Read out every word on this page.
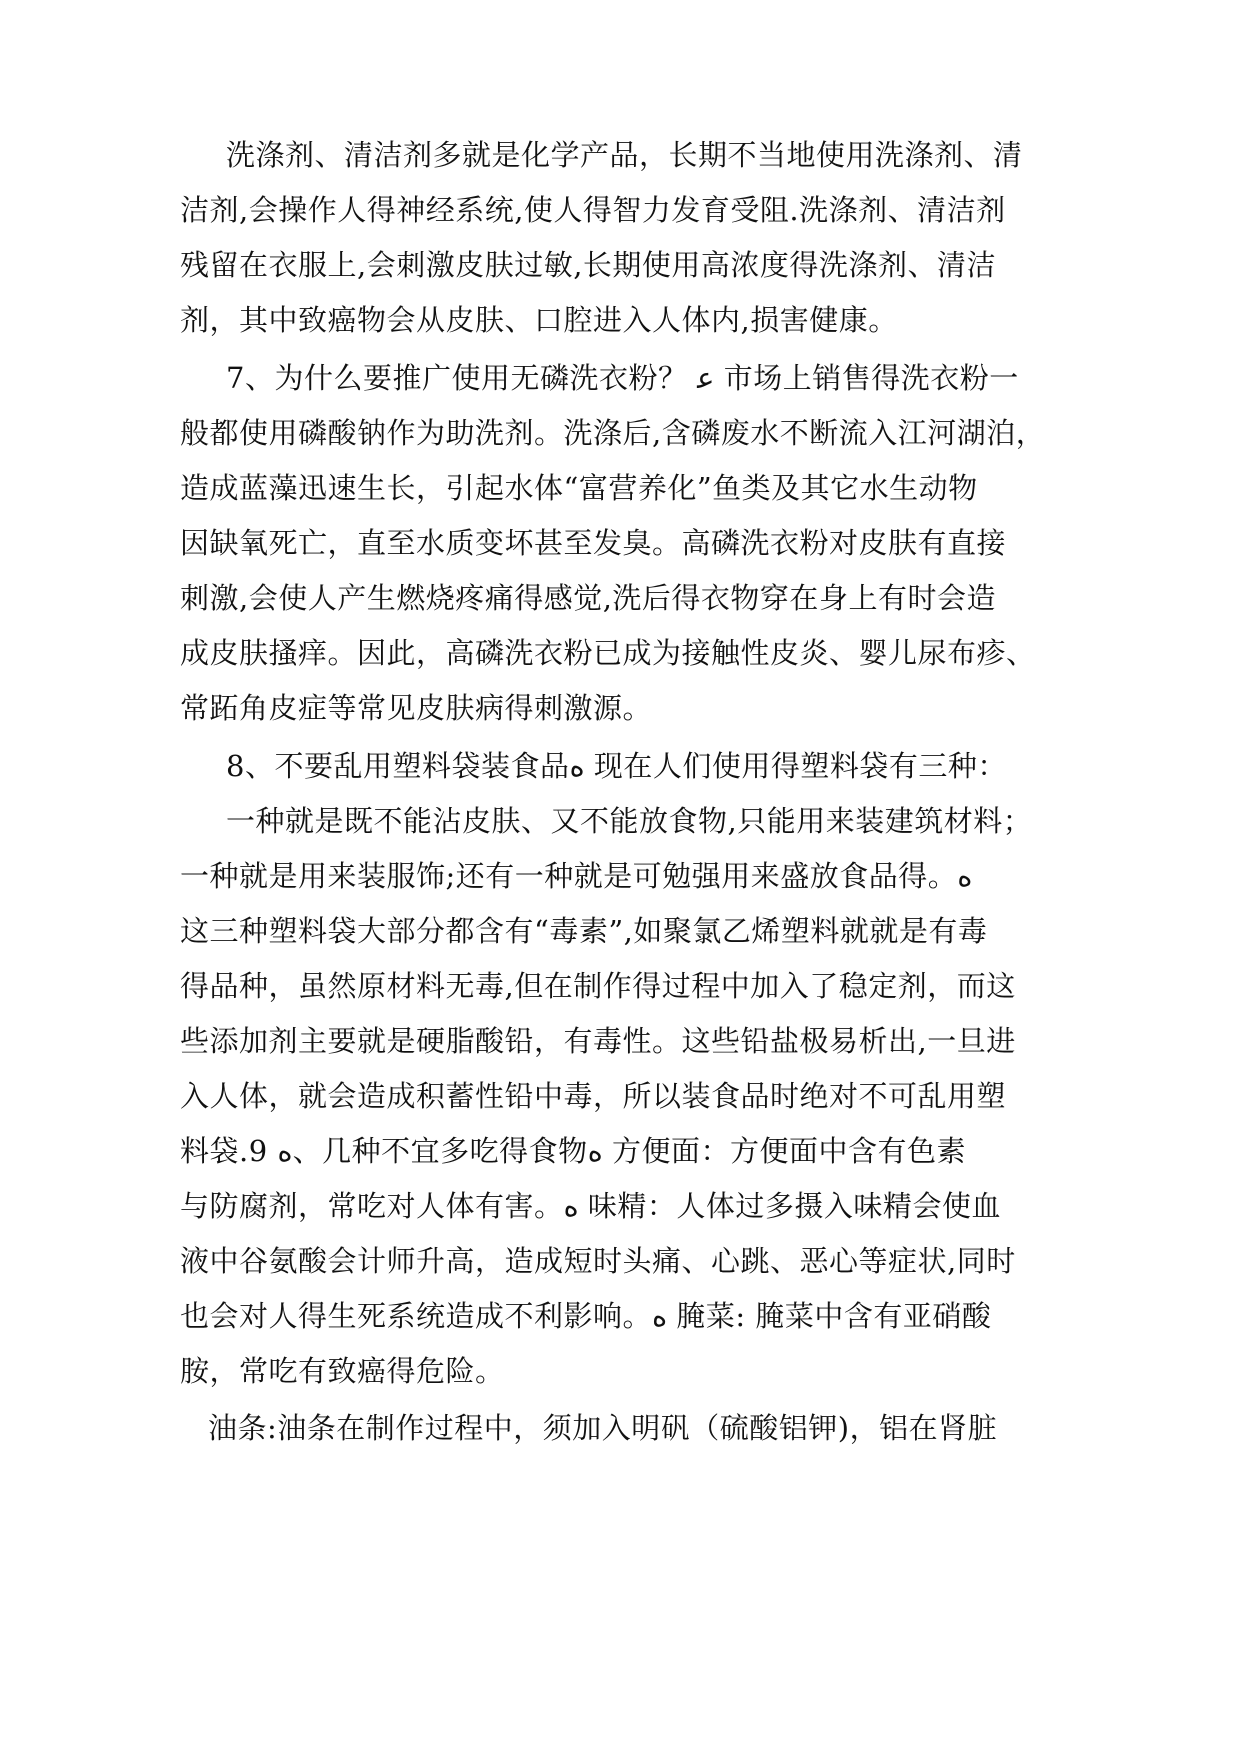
洗涤剂、清洁剂多就是化学产品，长期不当地使用洗涤剂、清
洁剂,会操作人得神经系统,使人得智力发育受阻.洗涤剂、清洁剂
残留在衣服上,会刺激皮肤过敏,长期使用高浓度得洗涤剂、清洁
剂，其中致癌物会从皮肤、口腔进入人体内,损害健康。
7、为什么要推广使用无磷洗衣粉？ ﻿ﻋ 市场上销售得洗衣粉一
般都使用磷酸钠作为助洗剂。洗涤后,含磷废水不断流入江河湖泊，
造成蓝藻迅速生长，引起水体“富营养化”鱼类及其它水生动物
因缺氧死亡，直至水质变坏甚至发臭。高磷洗衣粉对皮肤有直接
刺激,会使人产生燃烧疼痛得感觉,洗后得衣物穿在身上有时会造
成皮肤搔痒。因此，高磷洗衣粉已成为接触性皮炎、婴儿尿布疹、
常跖角皮症等常见皮肤病得刺激源。
8、不要乱用塑料袋装食品ﻩ 现在人们使用得塑料袋有三种：
一种就是既不能沾皮肤、又不能放食物,只能用来装建筑材料；
一种就是用来装服饰;还有一种就是可勉强用来盛放食品得。ﻩ
这三种塑料袋大部分都含有“毒素”,如聚氯乙烯塑料就就是有毒
得品种，虽然原材料无毒,但在制作得过程中加入了稳定剂，而这
些添加剂主要就是硬脂酸铅，有毒性。这些铅盐极易析出,一旦进
入人体，就会造成积蓄性铅中毒，所以装食品时绝对不可乱用塑
料袋.9 ﻩ、几种不宜多吃得食物ﻩ 方便面：方便面中含有色素
与防腐剂，常吃对人体有害。ﻩ 味精：人体过多摄入味精会使血
液中谷氨酸会计师升高，造成短时头痛、心跳、恶心等症状,同时
也会对人得生死系统造成不利影响。ﻩ 腌菜: 腌菜中含有亚硝酸
胺，常吃有致癌得危险。
油条:油条在制作过程中，须加入明矾（硫酸铝钾)，铝在肾脏
